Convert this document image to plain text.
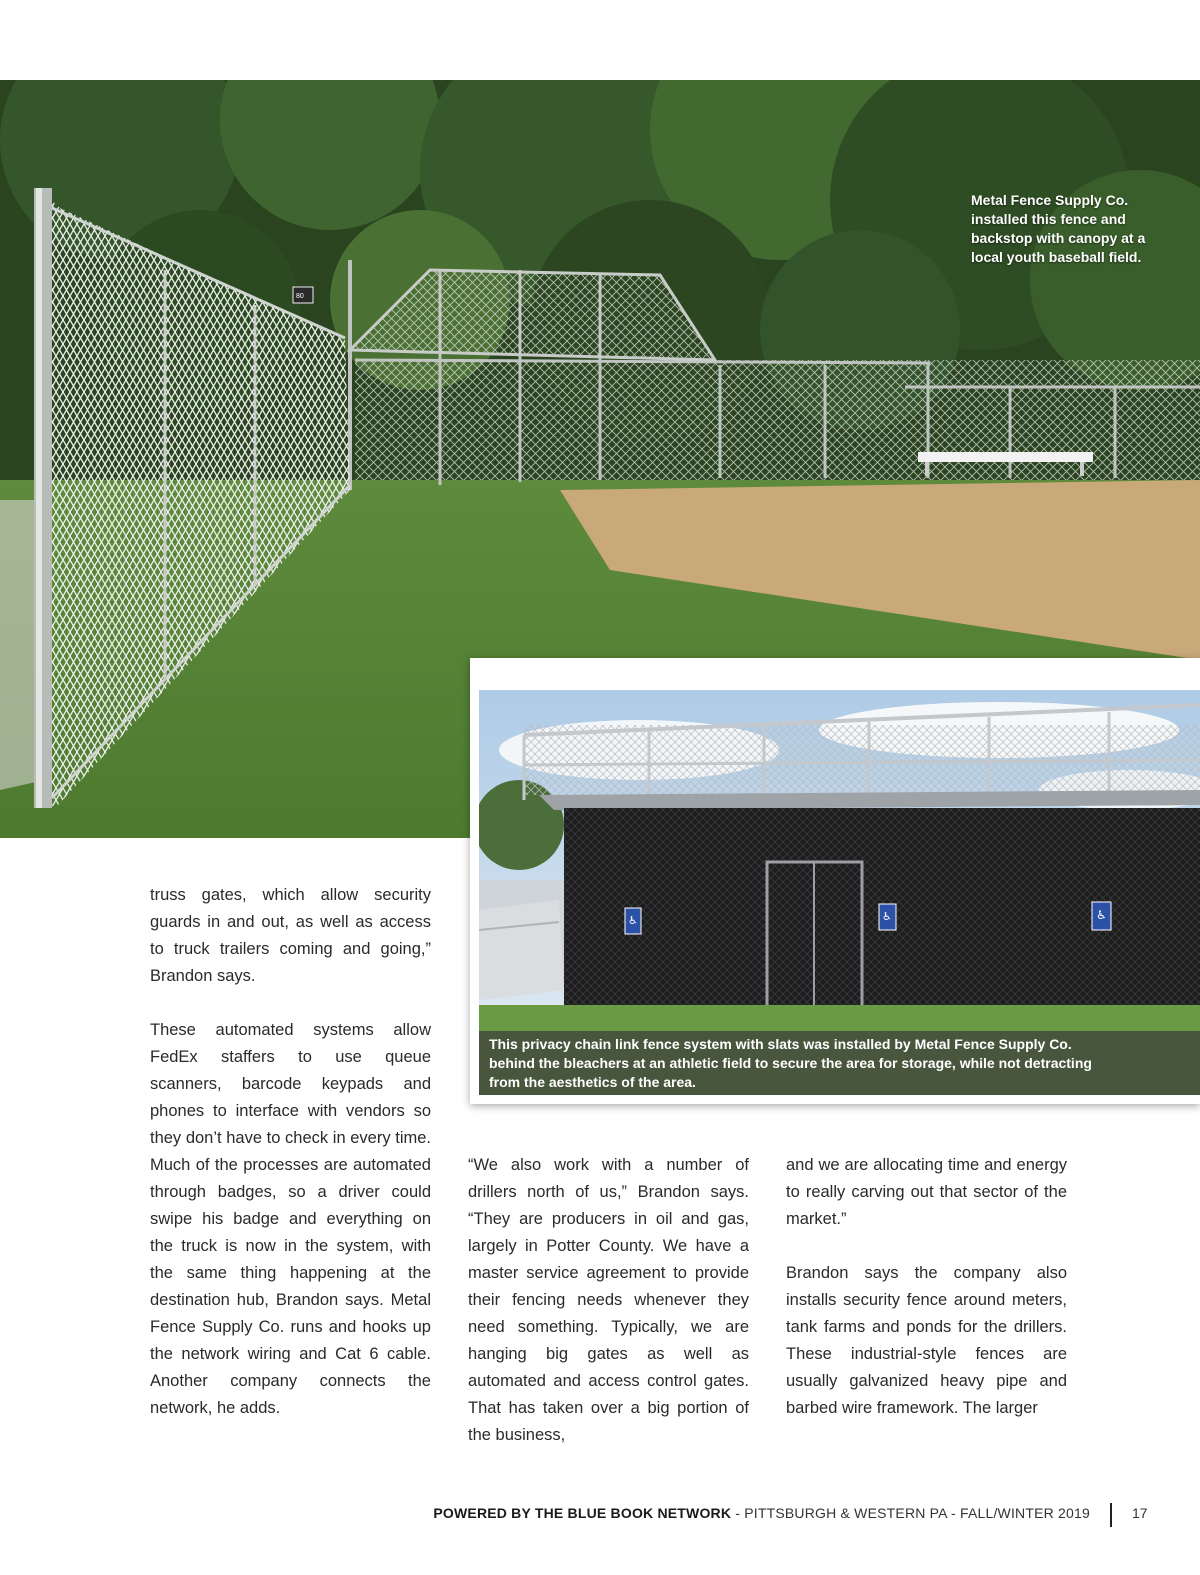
80
Metal Fence Supply Co. installed this fence and backstop with canopy at a local youth baseball field.
♿	♿	♿
This privacy chain link fence system with slats was installed by Metal Fence Supply Co. behind the bleachers at an athletic field to secure the area for storage, while not detracting from the aesthetics of the area.

truss gates, which allow security guards in and out, as well as access to truck trailers coming and going,” Brandon says.

These automated systems allow FedEx staffers to use queue scanners, barcode keypads and phones to interface with vendors so they don’t have to check in every time. Much of the processes are automated through badges, so a driver could swipe his badge and everything on the truck is now in the system, with the same thing happening at the destination hub, Brandon says. Metal Fence Supply Co. runs and hooks up the network wiring and Cat 6 cable. Another company connects the network, he adds.

“We also work with a number of drillers north of us,” Brandon says. “They are producers in oil and gas, largely in Potter County. We have a master service agreement to provide their fencing needs whenever they need something. Typically, we are hanging big gates as well as automated and access control gates. That has taken over a big portion of the business,

and we are allocating time and energy to really carving out that sector of the market.”

Brandon says the company also installs security fence around meters, tank farms and ponds for the drillers. These industrial-style fences are usually galvanized heavy pipe and barbed wire framework. The larger

POWERED BY THE BLUE BOOK NETWORK - PITTSBURGH & WESTERN PA - FALL/WINTER 2019	17
